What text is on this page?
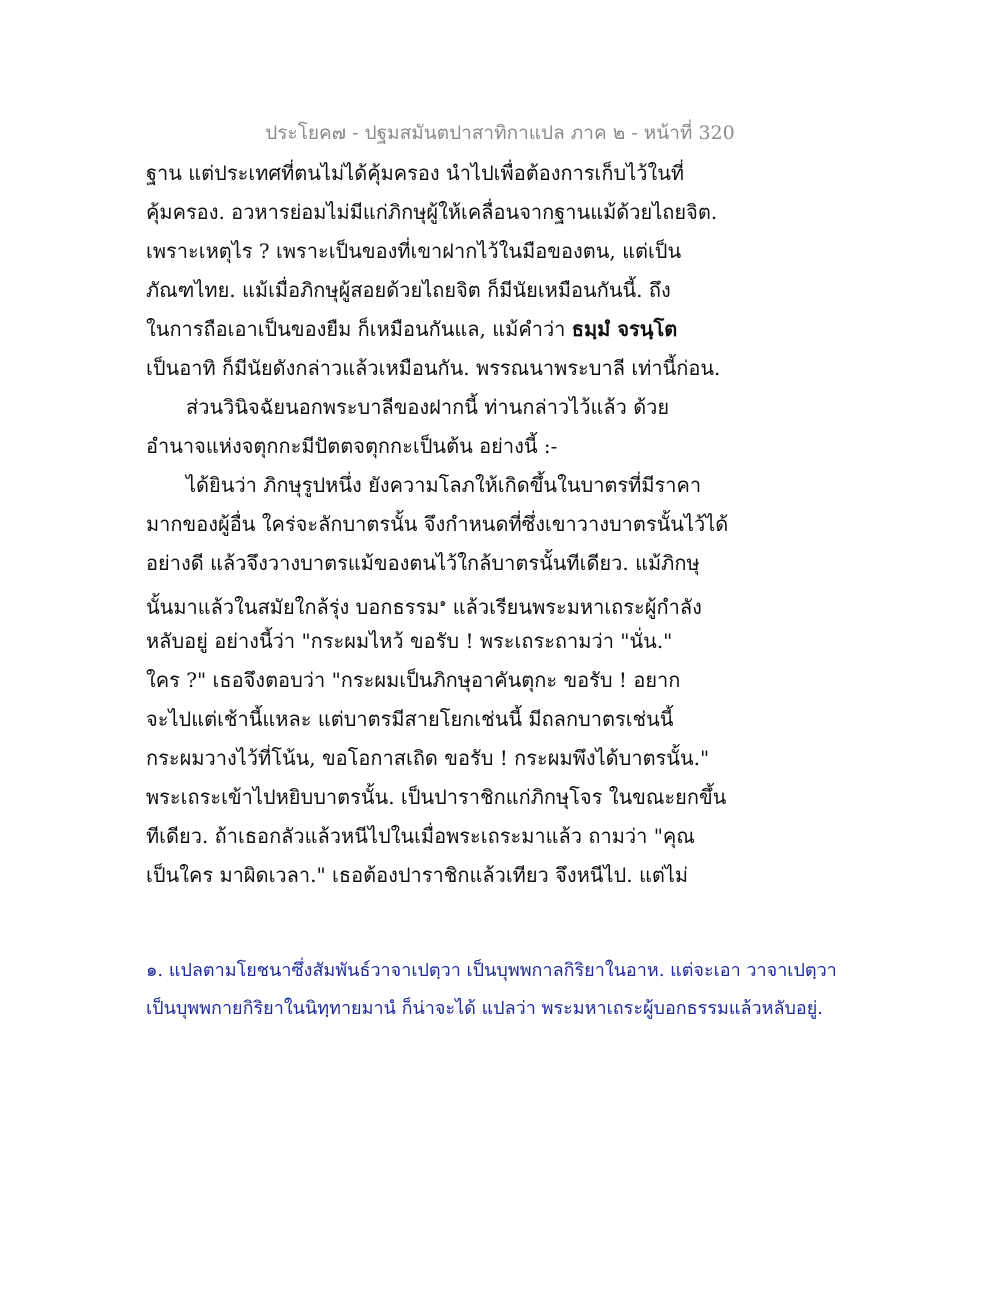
ประโยค๗ - ปฐมสมันตปาสาทิกาแปล ภาค ๒ - หน้าที่ 320
ฐาน แต่ประเทศที่ตนไม่ได้คุ้มครอง นำไปเพื่อต้องการเก็บไว้ในที่
คุ้มครอง. อวหารย่อมไม่มีแก่ภิกษุผู้ให้เคลื่อนจากฐานแม้ด้วยไถยจิต.
เพราะเหตุไร ? เพราะเป็นของที่เขาฝากไว้ในมือของตน, แต่เป็น
ภัณฑไทย. แม้เมื่อภิกษุผู้สอยด้วยไถยจิต ก็มีนัยเหมือนกันนี้. ถึง
ในการถือเอาเป็นของยืม ก็เหมือนกันแล, แม้คำว่า ธมฺมํ จรนฺโต
เป็นอาทิ ก็มีนัยดังกล่าวแล้วเหมือนกัน. พรรณนาพระบาลี เท่านี้ก่อน.
ส่วนวินิจฉัยนอกพระบาลีของฝากนี้ ท่านกล่าวไว้แล้ว ด้วย
อำนาจแห่งจตุกกะมีปัตตจตุกกะเป็นต้น อย่างนี้ :-
ได้ยินว่า ภิกษุรูปหนึ่ง ยังความโลภให้เกิดขึ้นในบาตรที่มีราคา
มากของผู้อื่น ใคร่จะลักบาตรนั้น จึงกำหนดที่ซึ่งเขาวางบาตรนั้นไว้ได้
อย่างดี แล้วจึงวางบาตรแม้ของตนไว้ใกล้บาตรนั้นทีเดียว. แม้ภิกษุ
นั้นมาแล้วในสมัยใกล้รุ่ง บอกธรรม$^๑$ แล้วเรียนพระมหาเถระผู้กำลัง
หลับอยู่ อย่างนี้ว่า "กระผมไหว้ ขอรับ ! พระเถระถามว่า "นั่น."
ใคร ?" เธอจึงตอบว่า "กระผมเป็นภิกษุอาคันตุกะ ขอรับ ! อยาก
จะไปแต่เช้านี้แหละ แต่บาตรมีสายโยกเช่นนี้ มีถลกบาตรเช่นนี้
กระผมวางไว้ที่โน้น, ขอโอกาสเถิด ขอรับ ! กระผมพึงได้บาตรนั้น."
พระเถระเข้าไปหยิบบาตรนั้น. เป็นปาราชิกแก่ภิกษุโจร ในขณะยกขึ้น
ทีเดียว. ถ้าเธอกลัวแล้วหนีไปในเมื่อพระเถระมาแล้ว ถามว่า "คุณ
เป็นใคร มาผิดเวลา." เธอต้องปาราชิกแล้วเทียว จึงหนีไป. แต่ไม่
๑. แปลตามโยชนาซึ่งสัมพันธ์วาจาเปตฺวา เป็นบุพพกาลกิริยาในอาห. แต่จะเอา วาจาเปตฺวา
เป็นบุพพกายกิริยาในนิทฺทายมานํ ก็น่าจะได้ แปลว่า พระมหาเถระผู้บอกธรรมแล้วหลับอยู่.
